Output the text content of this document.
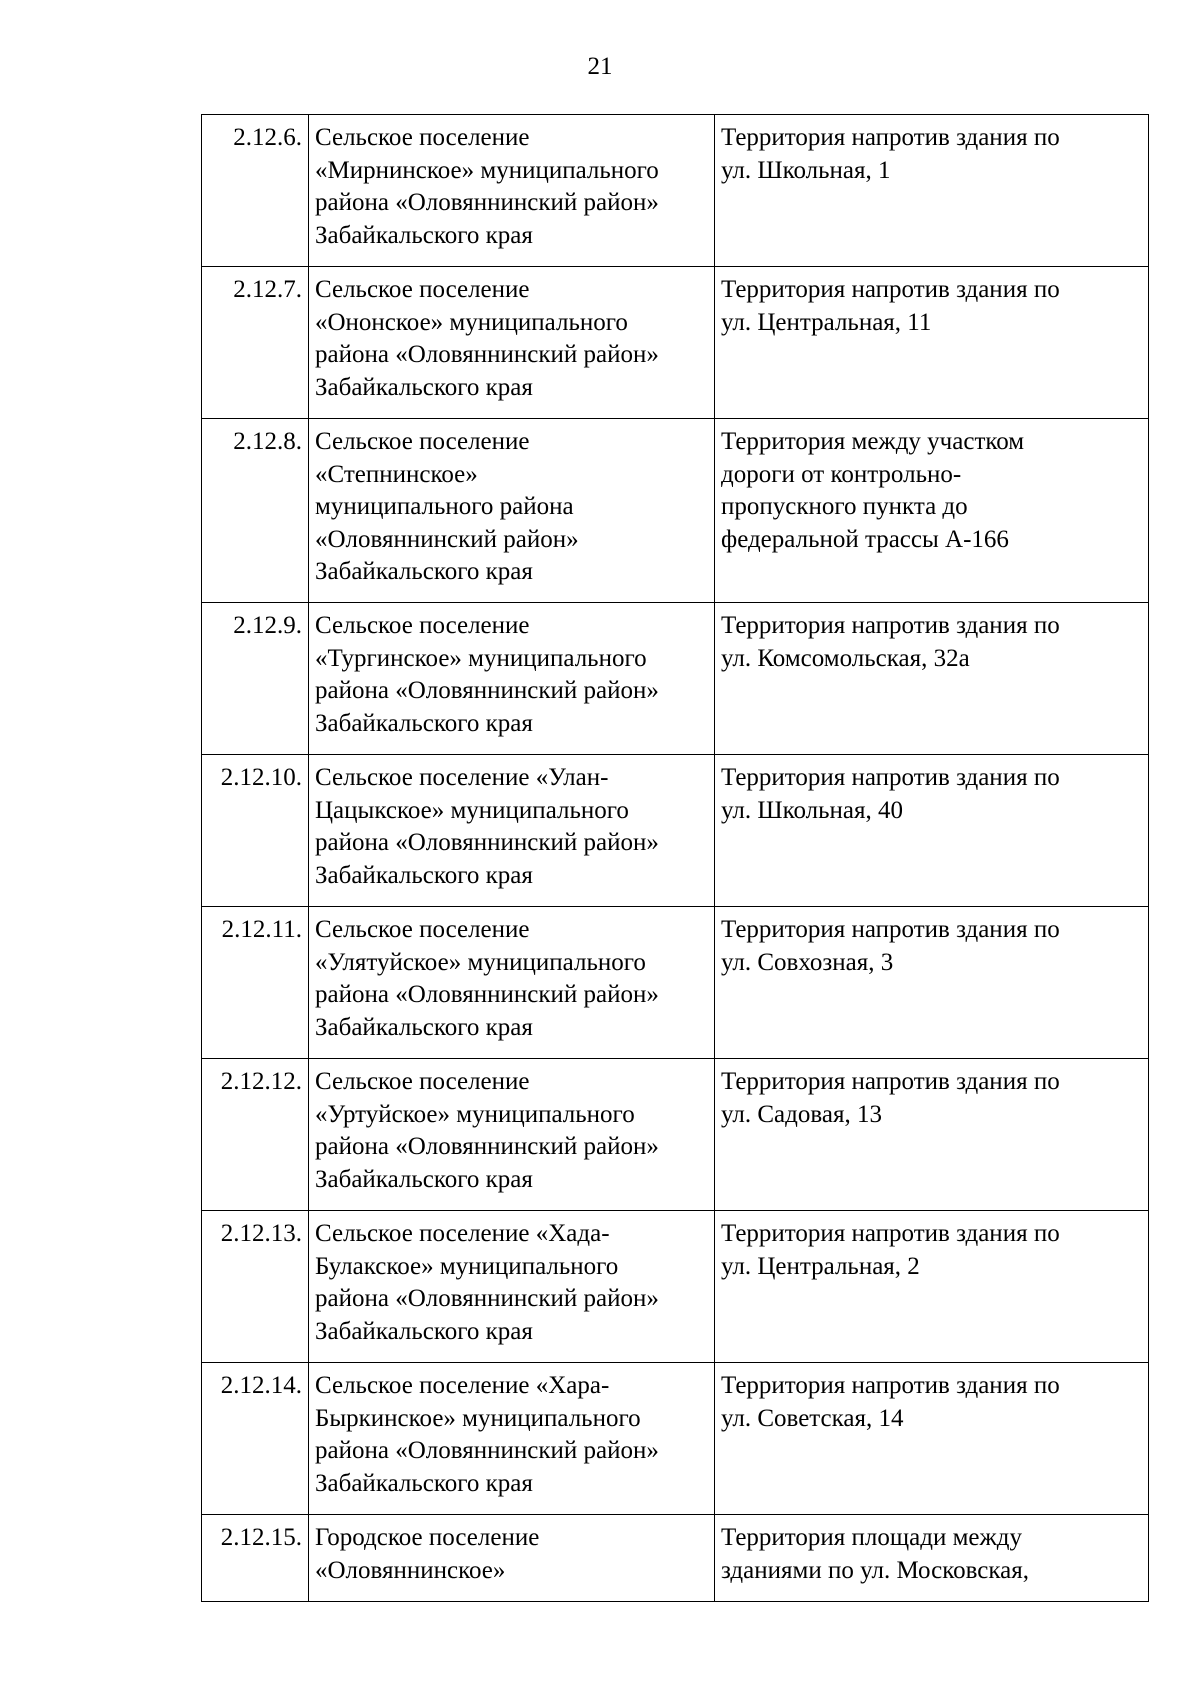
21
2.12.6.	Сельское поселение
«Мирнинское» муниципального
района «Оловяннинский район»
Забайкальского края	Территория напротив здания по
ул. Школьная, 1

2.12.7.	Сельское поселение
«Ононское» муниципального
района «Оловяннинский район»
Забайкальского края	Территория напротив здания по
ул. Центральная, 11

2.12.8.	Сельское поселение
«Степнинское»
муниципального района
«Оловяннинский район»
Забайкальского края	Территория между участком
дороги от контрольно-
пропускного пункта до
федеральной трассы А-166

2.12.9.	Сельское поселение
«Тургинское» муниципального
района «Оловяннинский район»
Забайкальского края	Территория напротив здания по
ул. Комсомольская, 32а

2.12.10.	Сельское поселение «Улан-
Цацыкское» муниципального
района «Оловяннинский район»
Забайкальского края	Территория напротив здания по
ул. Школьная, 40

2.12.11.	Сельское поселение
«Улятуйское» муниципального
района «Оловяннинский район»
Забайкальского края	Территория напротив здания по
ул. Совхозная, 3

2.12.12.	Сельское поселение
«Уртуйское» муниципального
района «Оловяннинский район»
Забайкальского края	Территория напротив здания по
ул. Садовая, 13

2.12.13.	Сельское поселение «Хада-
Булакское» муниципального
района «Оловяннинский район»
Забайкальского края	Территория напротив здания по
ул. Центральная, 2

2.12.14.	Сельское поселение «Хара-
Быркинское» муниципального
района «Оловяннинский район»
Забайкальского края	Территория напротив здания по
ул. Советская, 14

2.12.15.	Городское поселение
«Оловяннинское»	Территория площади между
зданиями по ул. Московская,
